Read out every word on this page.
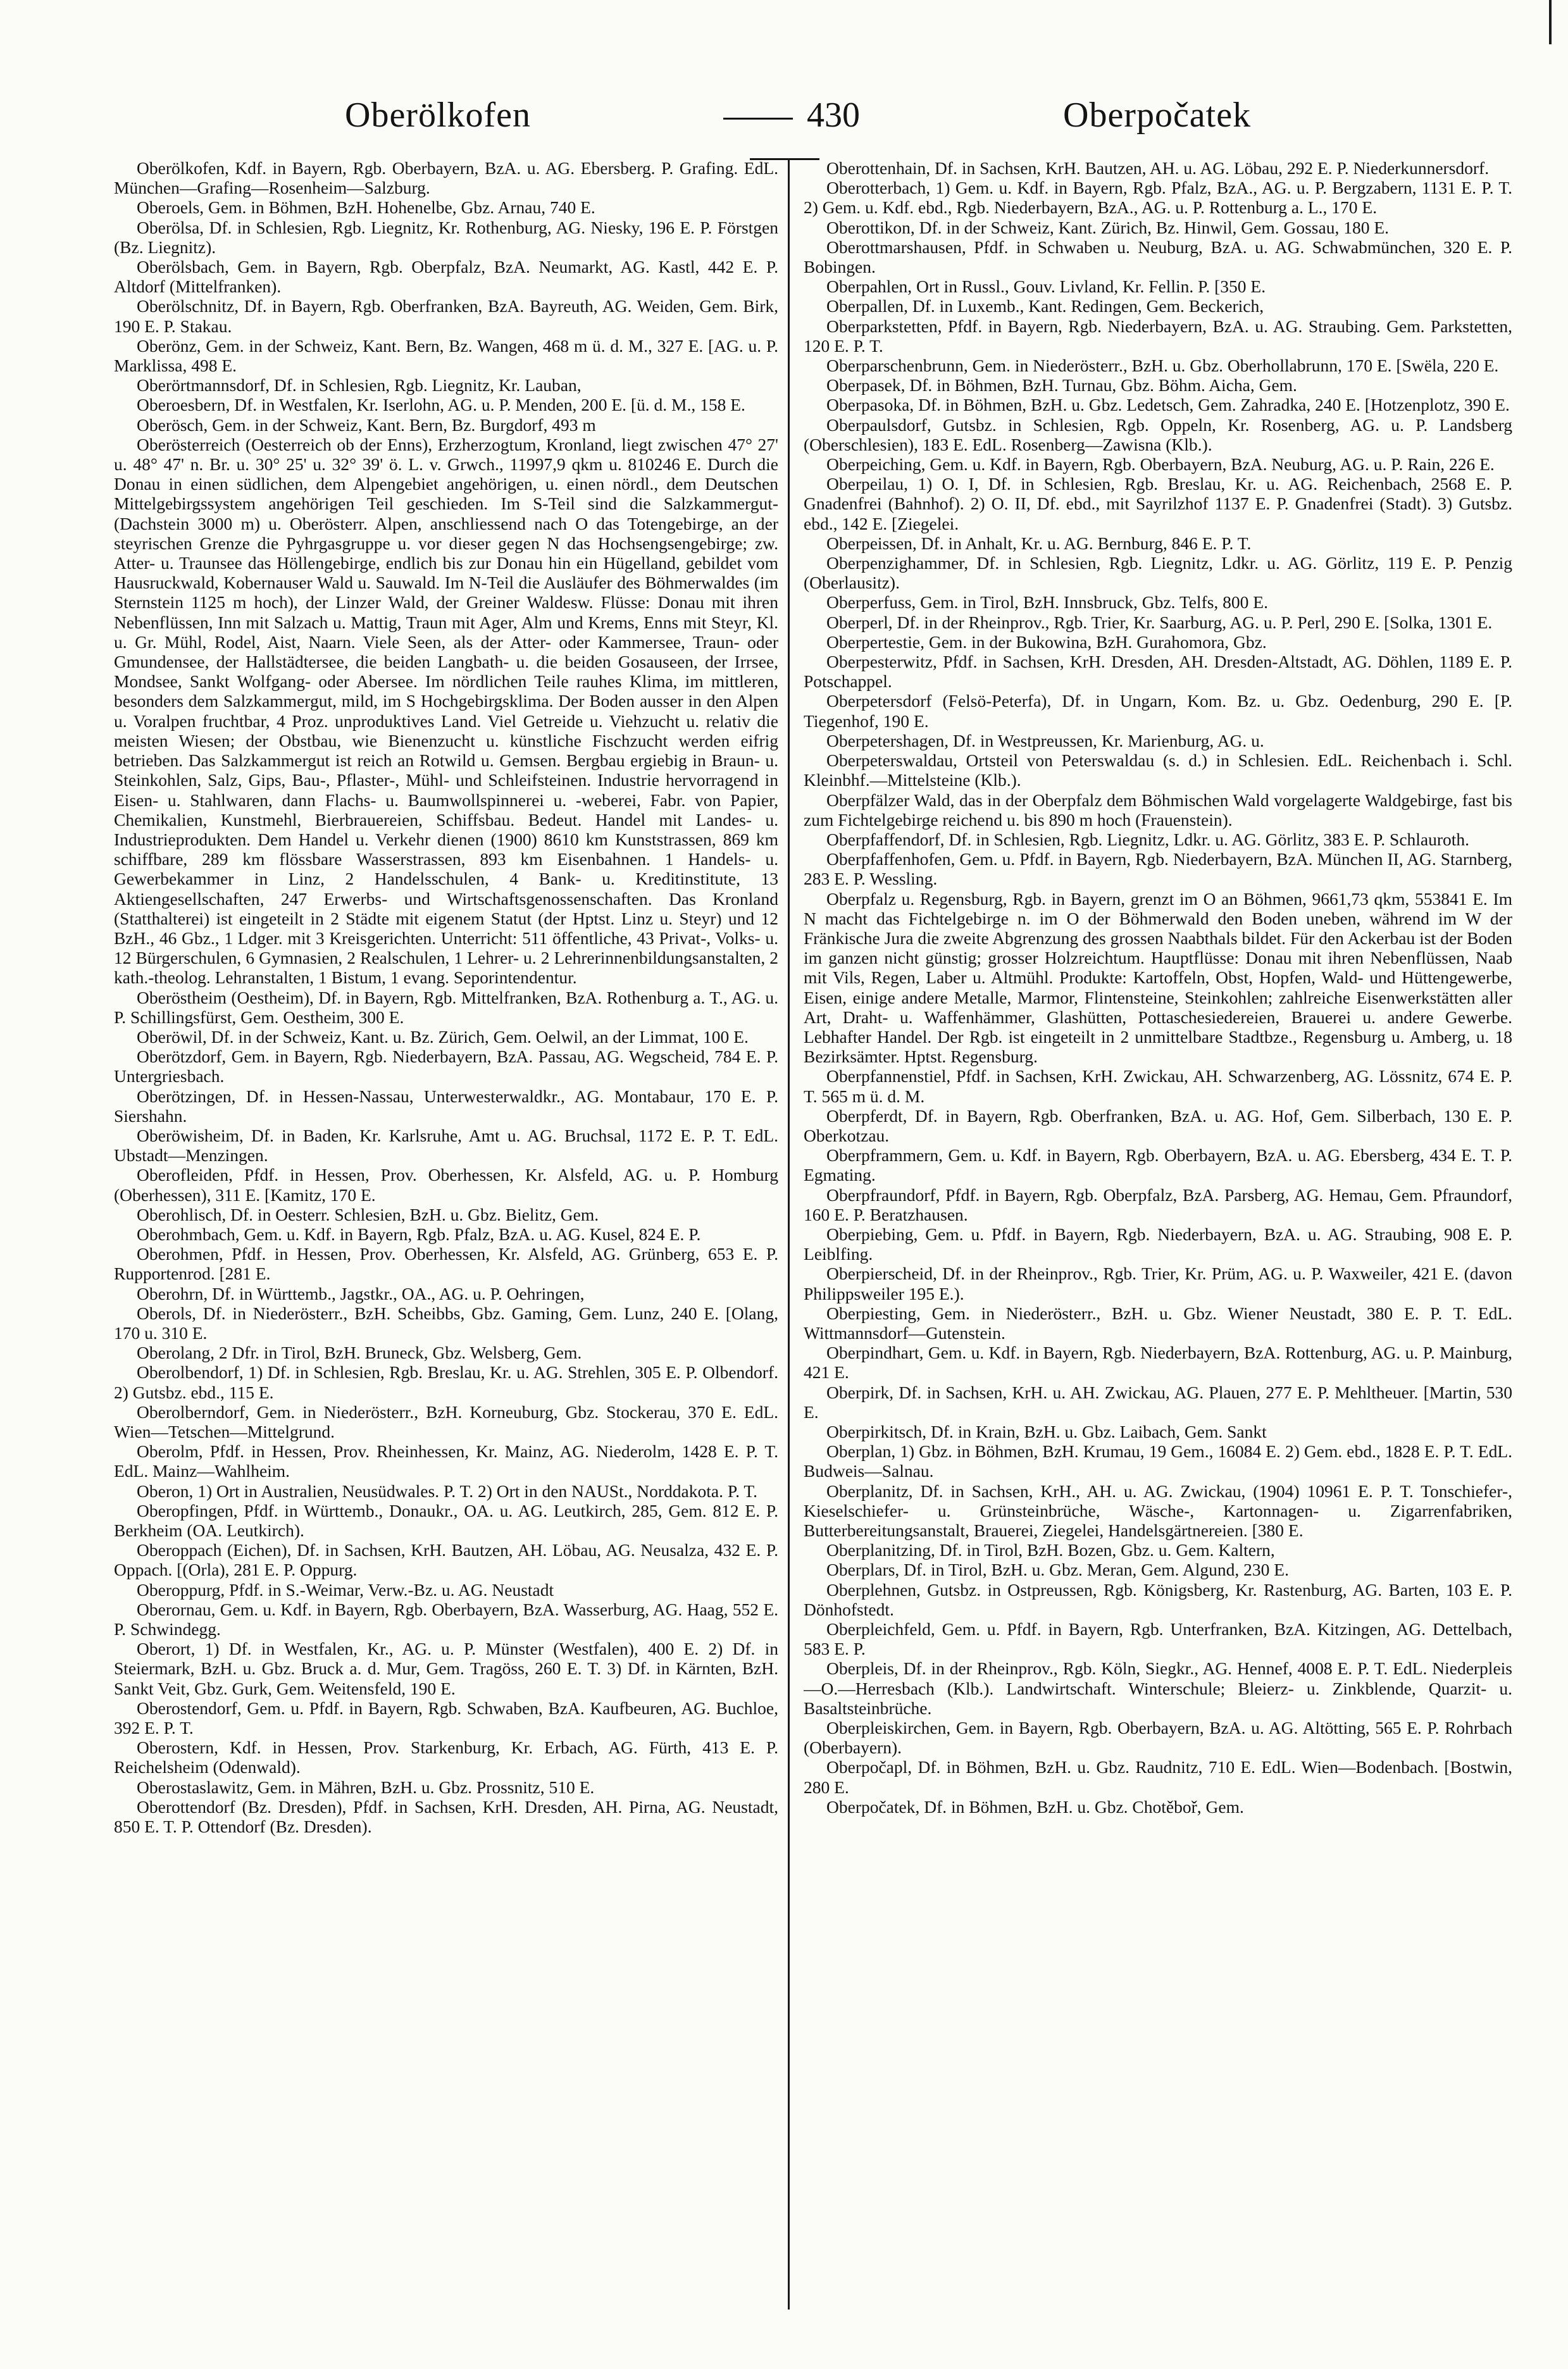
Oberölkofen	430	Oberpočatek

Oberölkofen, Kdf. in Bayern, Rgb. Oberbayern, BzA. u. AG. Ebersberg. P. Grafing. EdL. München—Grafing—Rosenheim—Salzburg.

Oberoels, Gem. in Böhmen, BzH. Hohenelbe, Gbz. Arnau, 740 E.

Oberölsa, Df. in Schlesien, Rgb. Liegnitz, Kr. Rothenburg, AG. Niesky, 196 E. P. Förstgen (Bz. Liegnitz).

Oberölsbach, Gem. in Bayern, Rgb. Oberpfalz, BzA. Neumarkt, AG. Kastl, 442 E. P. Altdorf (Mittelfranken).

Oberölschnitz, Df. in Bayern, Rgb. Oberfranken, BzA. Bayreuth, AG. Weiden, Gem. Birk, 190 E. P. Stakau.

Oberönz, Gem. in der Schweiz, Kant. Bern, Bz. Wangen, 468 m ü. d. M., 327 E. [AG. u. P. Marklissa, 498 E.

Oberörtmannsdorf, Df. in Schlesien, Rgb. Liegnitz, Kr. Lauban,

Oberoesbern, Df. in Westfalen, Kr. Iserlohn, AG. u. P. Menden, 200 E. [ü. d. M., 158 E.

Oberösch, Gem. in der Schweiz, Kant. Bern, Bz. Burgdorf, 493 m

Oberösterreich (Oesterreich ob der Enns), Erzherzogtum, Kronland, liegt zwischen 47° 27' u. 48° 47' n. Br. u. 30° 25' u. 32° 39' ö. L. v. Grwch., 11997,9 qkm u. 810246 E. Durch die Donau in einen südlichen, dem Alpengebiet angehörigen, u. einen nördl., dem Deutschen Mittelgebirgssystem angehörigen Teil geschieden. Im S-Teil sind die Salzkammergut-(Dachstein 3000 m) u. Oberösterr. Alpen, anschliessend nach O das Totengebirge, an der steyrischen Grenze die Pyhrgasgruppe u. vor dieser gegen N das Hochsengsengebirge; zw. Atter- u. Traunsee das Höllengebirge, endlich bis zur Donau hin ein Hügelland, gebildet vom Hausruckwald, Kobernauser Wald u. Sauwald. Im N-Teil die Ausläufer des Böhmerwaldes (im Sternstein 1125 m hoch), der Linzer Wald, der Greiner Waldesw. Flüsse: Donau mit ihren Nebenflüssen, Inn mit Salzach u. Mattig, Traun mit Ager, Alm und Krems, Enns mit Steyr, Kl. u. Gr. Mühl, Rodel, Aist, Naarn. Viele Seen, als der Atter- oder Kammersee, Traun- oder Gmundensee, der Hallstädtersee, die beiden Langbath- u. die beiden Gosauseen, der Irrsee, Mondsee, Sankt Wolfgang- oder Abersee. Im nördlichen Teile rauhes Klima, im mittleren, besonders dem Salzkammergut, mild, im S Hochgebirgsklima. Der Boden ausser in den Alpen u. Voralpen fruchtbar, 4 Proz. unproduktives Land. Viel Getreide u. Viehzucht u. relativ die meisten Wiesen; der Obstbau, wie Bienenzucht u. künstliche Fischzucht werden eifrig betrieben. Das Salzkammergut ist reich an Rotwild u. Gemsen. Bergbau ergiebig in Braun- u. Steinkohlen, Salz, Gips, Bau-, Pflaster-, Mühl- und Schleifsteinen. Industrie hervorragend in Eisen- u. Stahlwaren, dann Flachs- u. Baumwollspinnerei u. -weberei, Fabr. von Papier, Chemikalien, Kunstmehl, Bierbrauereien, Schiffsbau. Bedeut. Handel mit Landes- u. Industrieprodukten. Dem Handel u. Verkehr dienen (1900) 8610 km Kunststrassen, 869 km schiffbare, 289 km flössbare Wasserstrassen, 893 km Eisenbahnen. 1 Handels- u. Gewerbekammer in Linz, 2 Handelsschulen, 4 Bank- u. Kreditinstitute, 13 Aktiengesellschaften, 247 Erwerbs- und Wirtschaftsgenossenschaften. Das Kronland (Statthalterei) ist eingeteilt in 2 Städte mit eigenem Statut (der Hptst. Linz u. Steyr) und 12 BzH., 46 Gbz., 1 Ldger. mit 3 Kreisgerichten. Unterricht: 511 öffentliche, 43 Privat-, Volks- u. 12 Bürgerschulen, 6 Gymnasien, 2 Realschulen, 1 Lehrer- u. 2 Lehrerinnenbildungsanstalten, 2 kath.-theolog. Lehranstalten, 1 Bistum, 1 evang. Seporintendentur.

Oberöstheim (Oestheim), Df. in Bayern, Rgb. Mittelfranken, BzA. Rothenburg a. T., AG. u. P. Schillingsfürst, Gem. Oestheim, 300 E.

Oberöwil, Df. in der Schweiz, Kant. u. Bz. Zürich, Gem. Oelwil, an der Limmat, 100 E.

Oberötzdorf, Gem. in Bayern, Rgb. Niederbayern, BzA. Passau, AG. Wegscheid, 784 E. P. Untergriesbach.

Oberötzingen, Df. in Hessen-Nassau, Unterwesterwaldkr., AG. Montabaur, 170 E. P. Siershahn.

Oberöwisheim, Df. in Baden, Kr. Karlsruhe, Amt u. AG. Bruchsal, 1172 E. P. T. EdL. Ubstadt—Menzingen.

Oberofleiden, Pfdf. in Hessen, Prov. Oberhessen, Kr. Alsfeld, AG. u. P. Homburg (Oberhessen), 311 E. [Kamitz, 170 E.

Oberohlisch, Df. in Oesterr. Schlesien, BzH. u. Gbz. Bielitz, Gem.

Oberohmbach, Gem. u. Kdf. in Bayern, Rgb. Pfalz, BzA. u. AG. Kusel, 824 E. P.

Oberohmen, Pfdf. in Hessen, Prov. Oberhessen, Kr. Alsfeld, AG. Grünberg, 653 E. P. Rupportenrod. [281 E.

Oberohrn, Df. in Württemb., Jagstkr., OA., AG. u. P. Oehringen,

Oberols, Df. in Niederösterr., BzH. Scheibbs, Gbz. Gaming, Gem. Lunz, 240 E. [Olang, 170 u. 310 E.

Oberolang, 2 Dfr. in Tirol, BzH. Bruneck, Gbz. Welsberg, Gem.

Oberolbendorf, 1) Df. in Schlesien, Rgb. Breslau, Kr. u. AG. Strehlen, 305 E. P. Olbendorf. 2) Gutsbz. ebd., 115 E.

Oberolberndorf, Gem. in Niederösterr., BzH. Korneuburg, Gbz. Stockerau, 370 E. EdL. Wien—Tetschen—Mittelgrund.

Oberolm, Pfdf. in Hessen, Prov. Rheinhessen, Kr. Mainz, AG. Niederolm, 1428 E. P. T. EdL. Mainz—Wahlheim.

Oberon, 1) Ort in Australien, Neusüdwales. P. T. 2) Ort in den NAUSt., Norddakota. P. T.

Oberopfingen, Pfdf. in Württemb., Donaukr., OA. u. AG. Leutkirch, 285, Gem. 812 E. P. Berkheim (OA. Leutkirch).

Oberoppach (Eichen), Df. in Sachsen, KrH. Bautzen, AH. Löbau, AG. Neusalza, 432 E. P. Oppach. [(Orla), 281 E. P. Oppurg.

Oberoppurg, Pfdf. in S.-Weimar, Verw.-Bz. u. AG. Neustadt

Oberornau, Gem. u. Kdf. in Bayern, Rgb. Oberbayern, BzA. Wasserburg, AG. Haag, 552 E. P. Schwindegg.

Oberort, 1) Df. in Westfalen, Kr., AG. u. P. Münster (Westfalen), 400 E. 2) Df. in Steiermark, BzH. u. Gbz. Bruck a. d. Mur, Gem. Tragöss, 260 E. T. 3) Df. in Kärnten, BzH. Sankt Veit, Gbz. Gurk, Gem. Weitensfeld, 190 E.

Oberostendorf, Gem. u. Pfdf. in Bayern, Rgb. Schwaben, BzA. Kaufbeuren, AG. Buchloe, 392 E. P. T.

Oberostern, Kdf. in Hessen, Prov. Starkenburg, Kr. Erbach, AG. Fürth, 413 E. P. Reichelsheim (Odenwald).

Oberostaslawitz, Gem. in Mähren, BzH. u. Gbz. Prossnitz, 510 E.

Oberottendorf (Bz. Dresden), Pfdf. in Sachsen, KrH. Dresden, AH. Pirna, AG. Neustadt, 850 E. T. P. Ottendorf (Bz. Dresden).

Oberottenhain, Df. in Sachsen, KrH. Bautzen, AH. u. AG. Löbau, 292 E. P. Niederkunnersdorf.

Oberotterbach, 1) Gem. u. Kdf. in Bayern, Rgb. Pfalz, BzA., AG. u. P. Bergzabern, 1131 E. P. T. 2) Gem. u. Kdf. ebd., Rgb. Niederbayern, BzA., AG. u. P. Rottenburg a. L., 170 E.

Oberottikon, Df. in der Schweiz, Kant. Zürich, Bz. Hinwil, Gem. Gossau, 180 E.

Oberottmarshausen, Pfdf. in Schwaben u. Neuburg, BzA. u. AG. Schwabmünchen, 320 E. P. Bobingen.

Oberpahlen, Ort in Russl., Gouv. Livland, Kr. Fellin. P. [350 E.

Oberpallen, Df. in Luxemb., Kant. Redingen, Gem. Beckerich,

Oberparkstetten, Pfdf. in Bayern, Rgb. Niederbayern, BzA. u. AG. Straubing. Gem. Parkstetten, 120 E. P. T.

Oberparschenbrunn, Gem. in Niederösterr., BzH. u. Gbz. Oberhollabrunn, 170 E. [Swëla, 220 E.

Oberpasek, Df. in Böhmen, BzH. Turnau, Gbz. Böhm. Aicha, Gem.

Oberpasoka, Df. in Böhmen, BzH. u. Gbz. Ledetsch, Gem. Zahradka, 240 E. [Hotzenplotz, 390 E.

Oberpaulsdorf, Gutsbz. in Schlesien, Rgb. Oppeln, Kr. Rosenberg, AG. u. P. Landsberg (Oberschlesien), 183 E. EdL. Rosenberg—Zawisna (Klb.).

Oberpeiching, Gem. u. Kdf. in Bayern, Rgb. Oberbayern, BzA. Neuburg, AG. u. P. Rain, 226 E.

Oberpeilau, 1) O. I, Df. in Schlesien, Rgb. Breslau, Kr. u. AG. Reichenbach, 2568 E. P. Gnadenfrei (Bahnhof). 2) O. II, Df. ebd., mit Sayrilzhof 1137 E. P. Gnadenfrei (Stadt). 3) Gutsbz. ebd., 142 E. [Ziegelei.

Oberpeissen, Df. in Anhalt, Kr. u. AG. Bernburg, 846 E. P. T.

Oberpenzighammer, Df. in Schlesien, Rgb. Liegnitz, Ldkr. u. AG. Görlitz, 119 E. P. Penzig (Oberlausitz).

Oberperfuss, Gem. in Tirol, BzH. Innsbruck, Gbz. Telfs, 800 E.

Oberperl, Df. in der Rheinprov., Rgb. Trier, Kr. Saarburg, AG. u. P. Perl, 290 E. [Solka, 1301 E.

Oberpertestie, Gem. in der Bukowina, BzH. Gurahomora, Gbz.

Oberpesterwitz, Pfdf. in Sachsen, KrH. Dresden, AH. Dresden-Altstadt, AG. Döhlen, 1189 E. P. Potschappel.

Oberpetersdorf (Felsö-Peterfa), Df. in Ungarn, Kom. Bz. u. Gbz. Oedenburg, 290 E. [P. Tiegenhof, 190 E.

Oberpetershagen, Df. in Westpreussen, Kr. Marienburg, AG. u.

Oberpeterswaldau, Ortsteil von Peterswaldau (s. d.) in Schlesien. EdL. Reichenbach i. Schl. Kleinbhf.—Mittelsteine (Klb.).

Oberpfälzer Wald, das in der Oberpfalz dem Böhmischen Wald vorgelagerte Waldgebirge, fast bis zum Fichtelgebirge reichend u. bis 890 m hoch (Frauenstein).

Oberpfaffendorf, Df. in Schlesien, Rgb. Liegnitz, Ldkr. u. AG. Görlitz, 383 E. P. Schlauroth.

Oberpfaffenhofen, Gem. u. Pfdf. in Bayern, Rgb. Niederbayern, BzA. München II, AG. Starnberg, 283 E. P. Wessling.

Oberpfalz u. Regensburg, Rgb. in Bayern, grenzt im O an Böhmen, 9661,73 qkm, 553841 E. Im N macht das Fichtelgebirge n. im O der Böhmerwald den Boden uneben, während im W der Fränkische Jura die zweite Abgrenzung des grossen Naabthals bildet. Für den Ackerbau ist der Boden im ganzen nicht günstig; grosser Holzreichtum. Hauptflüsse: Donau mit ihren Nebenflüssen, Naab mit Vils, Regen, Laber u. Altmühl. Produkte: Kartoffeln, Obst, Hopfen, Wald- und Hüttengewerbe, Eisen, einige andere Metalle, Marmor, Flintensteine, Steinkohlen; zahlreiche Eisenwerkstätten aller Art, Draht- u. Waffenhämmer, Glashütten, Pottaschesiedereien, Brauerei u. andere Gewerbe. Lebhafter Handel. Der Rgb. ist eingeteilt in 2 unmittelbare Stadtbze., Regensburg u. Amberg, u. 18 Bezirksämter. Hptst. Regensburg.

Oberpfannenstiel, Pfdf. in Sachsen, KrH. Zwickau, AH. Schwarzenberg, AG. Lössnitz, 674 E. P. T. 565 m ü. d. M.

Oberpferdt, Df. in Bayern, Rgb. Oberfranken, BzA. u. AG. Hof, Gem. Silberbach, 130 E. P. Oberkotzau.

Oberpframmern, Gem. u. Kdf. in Bayern, Rgb. Oberbayern, BzA. u. AG. Ebersberg, 434 E. T. P. Egmating.

Oberpfraundorf, Pfdf. in Bayern, Rgb. Oberpfalz, BzA. Parsberg, AG. Hemau, Gem. Pfraundorf, 160 E. P. Beratzhausen.

Oberpiebing, Gem. u. Pfdf. in Bayern, Rgb. Niederbayern, BzA. u. AG. Straubing, 908 E. P. Leiblfing.

Oberpierscheid, Df. in der Rheinprov., Rgb. Trier, Kr. Prüm, AG. u. P. Waxweiler, 421 E. (davon Philippsweiler 195 E.).

Oberpiesting, Gem. in Niederösterr., BzH. u. Gbz. Wiener Neustadt, 380 E. P. T. EdL. Wittmannsdorf—Gutenstein.

Oberpindhart, Gem. u. Kdf. in Bayern, Rgb. Niederbayern, BzA. Rottenburg, AG. u. P. Mainburg, 421 E.

Oberpirk, Df. in Sachsen, KrH. u. AH. Zwickau, AG. Plauen, 277 E. P. Mehltheuer. [Martin, 530 E.

Oberpirkitsch, Df. in Krain, BzH. u. Gbz. Laibach, Gem. Sankt

Oberplan, 1) Gbz. in Böhmen, BzH. Krumau, 19 Gem., 16084 E. 2) Gem. ebd., 1828 E. P. T. EdL. Budweis—Salnau.

Oberplanitz, Df. in Sachsen, KrH., AH. u. AG. Zwickau, (1904) 10961 E. P. T. Tonschiefer-, Kieselschiefer- u. Grünsteinbrüche, Wäsche-, Kartonnagen- u. Zigarrenfabriken, Butterbereitungsanstalt, Brauerei, Ziegelei, Handelsgärtnereien. [380 E.

Oberplanitzing, Df. in Tirol, BzH. Bozen, Gbz. u. Gem. Kaltern,

Oberplars, Df. in Tirol, BzH. u. Gbz. Meran, Gem. Algund, 230 E.

Oberplehnen, Gutsbz. in Ostpreussen, Rgb. Königsberg, Kr. Rastenburg, AG. Barten, 103 E. P. Dönhofstedt.

Oberpleichfeld, Gem. u. Pfdf. in Bayern, Rgb. Unterfranken, BzA. Kitzingen, AG. Dettelbach, 583 E. P.

Oberpleis, Df. in der Rheinprov., Rgb. Köln, Siegkr., AG. Hennef, 4008 E. P. T. EdL. Niederpleis—O.—Herresbach (Klb.). Landwirtschaft. Winterschule; Bleierz- u. Zinkblende, Quarzit- u. Basaltsteinbrüche.

Oberpleiskirchen, Gem. in Bayern, Rgb. Oberbayern, BzA. u. AG. Altötting, 565 E. P. Rohrbach (Oberbayern).

Oberpočapl, Df. in Böhmen, BzH. u. Gbz. Raudnitz, 710 E. EdL. Wien—Bodenbach. [Bostwin, 280 E.

Oberpočatek, Df. in Böhmen, BzH. u. Gbz. Chotěboř, Gem.
